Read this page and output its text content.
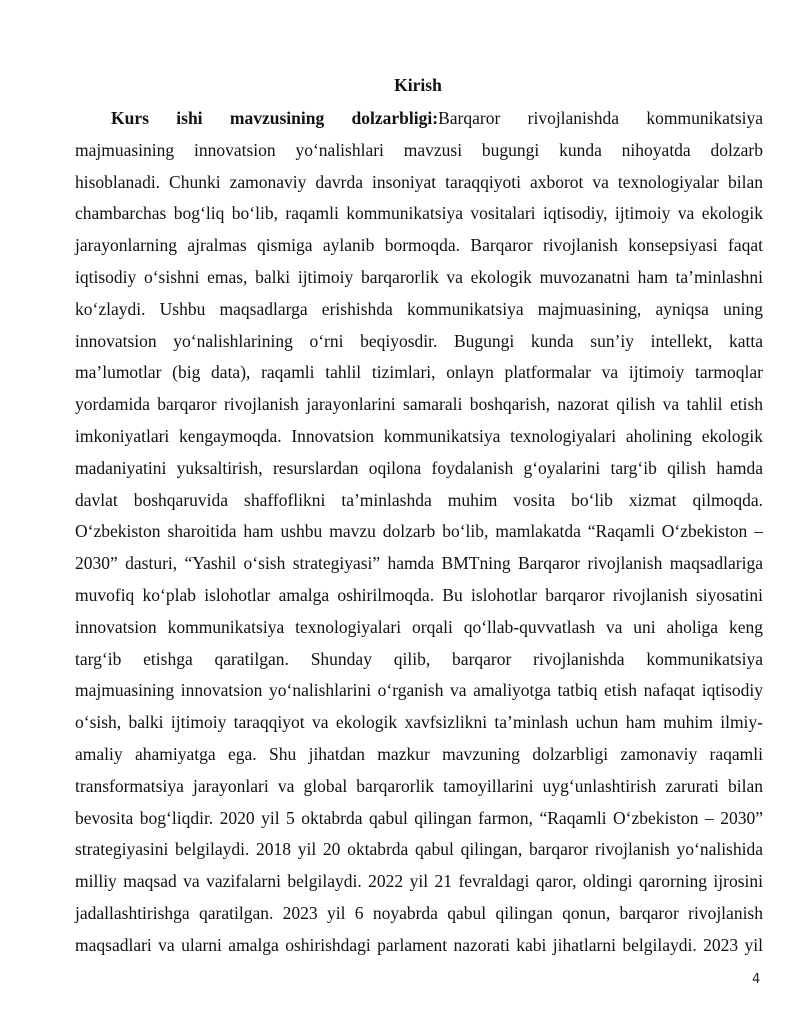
Kirish
Kurs ishi mavzusining dolzarbligi:Barqaror rivojlanishda kommunikatsiya
majmuasining innovatsion yo‘nalishlari mavzusi bugungi kunda nihoyatda dolzarb
hisoblanadi. Chunki zamonaviy davrda insoniyat taraqqiyoti axborot va texnologiyalar bilan
chambarchas bog‘liq bo‘lib, raqamli kommunikatsiya vositalari iqtisodiy, ijtimoiy va ekologik
jarayonlarning ajralmas qismiga aylanib bormoqda. Barqaror rivojlanish konsepsiyasi faqat
iqtisodiy o‘sishni emas, balki ijtimoiy barqarorlik va ekologik muvozanatni ham ta’minlashni
ko‘zlaydi. Ushbu maqsadlarga erishishda kommunikatsiya majmuasining, ayniqsa uning
innovatsion yo‘nalishlarining o‘rni beqiyosdir. Bugungi kunda sun’iy intellekt, katta
ma’lumotlar (big data), raqamli tahlil tizimlari, onlayn platformalar va ijtimoiy tarmoqlar
yordamida barqaror rivojlanish jarayonlarini samarali boshqarish, nazorat qilish va tahlil etish
imkoniyatlari kengaymoqda. Innovatsion kommunikatsiya texnologiyalari aholining ekologik
madaniyatini yuksaltirish, resurslardan oqilona foydalanish g‘oyalarini targ‘ib qilish hamda
davlat boshqaruvida shaffoflikni ta’minlashda muhim vosita bo‘lib xizmat qilmoqda.
O‘zbekiston sharoitida ham ushbu mavzu dolzarb bo‘lib, mamlakatda “Raqamli O‘zbekiston –
2030” dasturi, “Yashil o‘sish strategiyasi” hamda BMTning Barqaror rivojlanish maqsadlariga
muvofiq ko‘plab islohotlar amalga oshirilmoqda. Bu islohotlar barqaror rivojlanish siyosatini
innovatsion kommunikatsiya texnologiyalari orqali qo‘llab-quvvatlash va uni aholiga keng
targ‘ib etishga qaratilgan. Shunday qilib, barqaror rivojlanishda kommunikatsiya
majmuasining innovatsion yo‘nalishlarini o‘rganish va amaliyotga tatbiq etish nafaqat iqtisodiy
o‘sish, balki ijtimoiy taraqqiyot va ekologik xavfsizlikni ta’minlash uchun ham muhim ilmiy-
amaliy ahamiyatga ega. Shu jihatdan mazkur mavzuning dolzarbligi zamonaviy raqamli
transformatsiya jarayonlari va global barqarorlik tamoyillarini uyg‘unlashtirish zarurati bilan
bevosita bog‘liqdir. 2020 yil 5 oktabrda qabul qilingan farmon, “Raqamli O‘zbekiston – 2030”
strategiyasini belgilaydi. 2018 yil 20 oktabrda qabul qilingan, barqaror rivojlanish yo‘nalishida
milliy maqsad va vazifalarni belgilaydi. 2022 yil 21 fevraldagi qaror, oldingi qarorning ijrosini
jadallashtirishga qaratilgan. 2023 yil 6 noyabrda qabul qilingan qonun, barqaror rivojlanish
maqsadlari va ularni amalga oshirishdagi parlament nazorati kabi jihatlarni belgilaydi. 2023 yil
4
